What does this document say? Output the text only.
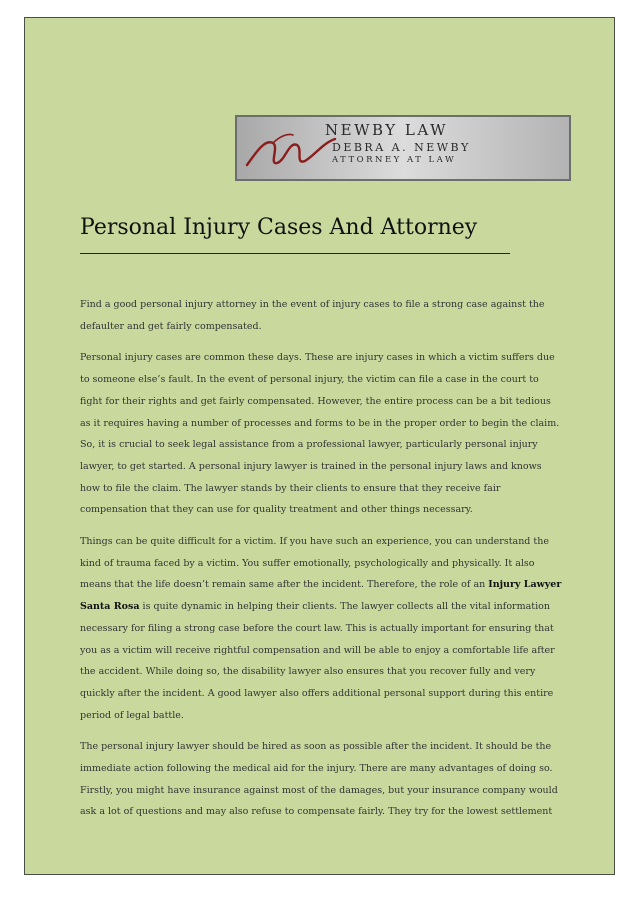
NEWBY LAW
DEBRA A. NEWBY
ATTORNEY AT LAW
Personal Injury Cases And Attorney

Find a good personal injury attorney in the event of injury cases to file a strong case against the defaulter and get fairly compensated.

Personal injury cases are common these days. These are injury cases in which a victim suffers due to someone else’s fault. In the event of personal injury, the victim can file a case in the court to fight for their rights and get fairly compensated. However, the entire process can be a bit tedious as it requires having a number of processes and forms to be in the proper order to begin the claim. So, it is crucial to seek legal assistance from a professional lawyer, particularly personal injury lawyer, to get started. A personal injury lawyer is trained in the personal injury laws and knows how to file the claim. The lawyer stands by their clients to ensure that they receive fair compensation that they can use for quality treatment and other things necessary.

Things can be quite difficult for a victim. If you have such an experience, you can understand the kind of trauma faced by a victim. You suffer emotionally, psychologically and physically. It also means that the life doesn’t remain same after the incident. Therefore, the role of an Injury Lawyer Santa Rosa is quite dynamic in helping their clients. The lawyer collects all the vital information necessary for filing a strong case before the court law. This is actually important for ensuring that you as a victim will receive rightful compensation and will be able to enjoy a comfortable life after the accident. While doing so, the disability lawyer also ensures that you recover fully and very quickly after the incident. A good lawyer also offers additional personal support during this entire period of legal battle.

The personal injury lawyer should be hired as soon as possible after the incident. It should be the immediate action following the medical aid for the injury. There are many advantages of doing so. Firstly, you might have insurance against most of the damages, but your insurance company would ask a lot of questions and may also refuse to compensate fairly. They try for the lowest settlement
